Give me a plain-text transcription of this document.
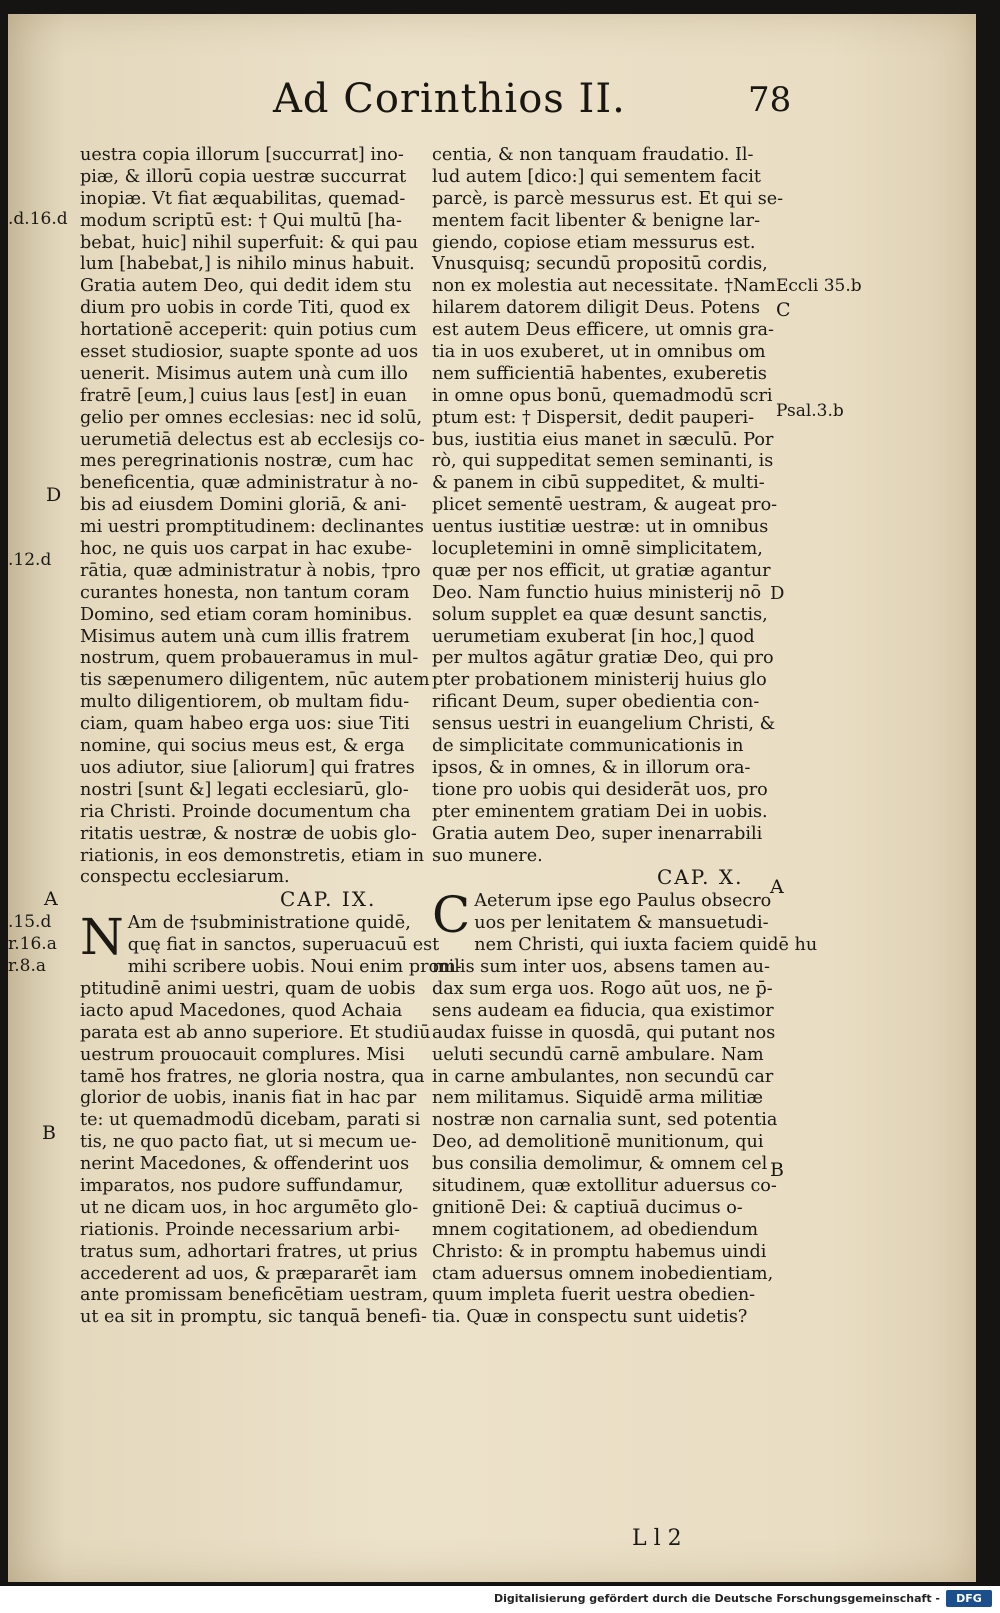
Ad Corinthios II.	78
uestra copia illorum [succurrat] ino-
piæ, & illorū copia uestræ succurrat
inopiæ. Vt fiat æquabilitas, quemad-
modum scriptū est: † Qui multū [ha-
bebat, huic] nihil superfuit: & qui pau
lum [habebat,] is nihilo minus habuit.
Gratia autem Deo, qui dedit idem stu
dium pro uobis in corde Titi, quod ex
hortationē acceperit: quin potius cum
esset studiosior, suapte sponte ad uos
uenerit. Misimus autem unà cum illo
fratrē [eum,] cuius laus [est] in euan
gelio per omnes ecclesias: nec id solū,
uerumetiā delectus est ab ecclesijs co-
mes peregrinationis nostræ, cum hac
beneficentia, quæ administratur à no-
bis ad eiusdem Domini gloriā, & ani-
mi uestri promptitudinem: declinantes
hoc, ne quis uos carpat in hac exube-
rātia, quæ administratur à nobis, †pro
curantes honesta, non tantum coram
Domino, sed etiam coram hominibus.
Misimus autem unà cum illis fratrem
nostrum, quem probaueramus in mul-
tis sæpenumero diligentem, nūc autem
multo diligentiorem, ob multam fidu-
ciam, quam habeo erga uos: siue Titi
nomine, qui socius meus est, & erga
uos adiutor, siue [aliorum] qui fratres
nostri [sunt &] legati ecclesiarū, glo-
ria Christi. Proinde documentum cha
ritatis uestræ, & nostræ de uobis glo-
riationis, in eos demonstretis, etiam in
conspectu ecclesiarum.
CAP. IX.
N Am de †subministratione quidē,
quę fiat in sanctos, superuacuū est
mihi scribere uobis. Noui enim prom-
ptitudinē animi uestri, quam de uobis
iacto apud Macedones, quod Achaia
parata est ab anno superiore. Et studiū
uestrum prouocauit complures. Misi
tamē hos fratres, ne gloria nostra, qua
glorior de uobis, inanis fiat in hac par
te: ut quemadmodū dicebam, parati si
tis, ne quo pacto fiat, ut si mecum ue-
nerint Macedones, & offenderint uos
imparatos, nos pudore suffundamur,
ut ne dicam uos, in hoc argumēto glo-
riationis. Proinde necessarium arbi-
tratus sum, adhortari fratres, ut prius
accederent ad uos, & præpararēt iam
ante promissam beneficētiam uestram,
ut ea sit in promptu, sic tanquā benefi-
centia, & non tanquam fraudatio. Il-
lud autem [dico:] qui sementem facit
parcè, is parcè messurus est. Et qui se-
mentem facit libenter & benigne lar-
giendo, copiose etiam messurus est.
Vnusquisq; secundū propositū cordis,
non ex molestia aut necessitate. †Nam
hilarem datorem diligit Deus. Potens
est autem Deus efficere, ut omnis gra-
tia in uos exuberet, ut in omnibus om
nem sufficientiā habentes, exuberetis
in omne opus bonū, quemadmodū scri
ptum est: † Dispersit, dedit pauperi-
bus, iustitia eius manet in sæculū. Por
rò, qui suppeditat semen seminanti, is
& panem in cibū suppeditet, & multi-
plicet sementē uestram, & augeat pro-
uentus iustitiæ uestræ: ut in omnibus
locupletemini in omnē simplicitatem,
quæ per nos efficit, ut gratiæ agantur
Deo. Nam functio huius ministerij nō
solum supplet ea quæ desunt sanctis,
uerumetiam exuberat [in hoc,] quod
per multos agātur gratiæ Deo, qui pro
pter probationem ministerij huius glo
rificant Deum, super obedientia con-
sensus uestri in euangelium Christi, &
de simplicitate communicationis in
ipsos, & in omnes, & in illorum ora-
tione pro uobis qui desiderāt uos, pro
pter eminentem gratiam Dei in uobis.
Gratia autem Deo, super inenarrabili
suo munere.
CAP. X.
C Aeterum ipse ego Paulus obsecro
uos per lenitatem & mansuetudi-
nem Christi, qui iuxta faciem quidē hu
milis sum inter uos, absens tamen au-
dax sum erga uos. Rogo aūt uos, ne p̄-
sens audeam ea fiducia, qua existimor
audax fuisse in quosdā, qui putant nos
ueluti secundū carnē ambulare. Nam
in carne ambulantes, non secundū car
nem militamus. Siquidē arma militiæ
nostræ non carnalia sunt, sed potentia
Deo, ad demolitionē munitionum, qui
bus consilia demolimur, & omnem cel
situdinem, quæ extollitur aduersus co-
gnitionē Dei: & captiuā ducimus o-
mnem cogitationem, ad obediendum
Christo: & in promptu habemus uindi
ctam aduersus omnem inobedientiam,
quum impleta fuerit uestra obedien-
tia. Quæ in conspectu sunt uidetis?
.d.16.d
D
.12.d
A
.15.d
r.16.a
r.8.a
B
Eccli 35.b
C
Psal.3.b
D
A
B
L l 2
Digitalisierung gefördert durch die Deutsche Forschungsgemeinschaft -	DFG
